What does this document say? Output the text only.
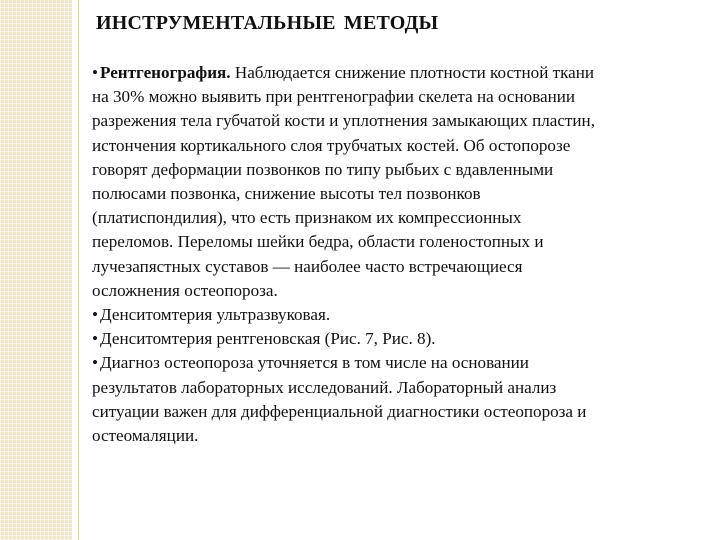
ИНСТРУМЕНТАЛЬНЫЕ МЕТОДЫ
• Рентгенография. Наблюдается снижение плотности костной ткани
на 30% можно выявить при рентгенографии скелета на основании
разрежения тела губчатой кости и уплотнения замыкающих пластин,
истончения кортикального слоя трубчатых костей. Об остопорозе
говорят деформации позвонков по типу рыбьих с вдавленными
полюсами позвонка, снижение высоты тел позвонков
(платиспондилия), что есть признаком их компрессионных
переломов. Переломы шейки бедра, области голеностопных и
лучезапястных суставов — наиболее часто встречающиеся
осложнения остеопороза.
• Денситомтерия ультразвуковая.
• Денситомтерия рентгеновская (Рис. 7, Рис. 8).
• Диагноз остеопороза уточняется в том числе на основании
результатов лабораторных исследований. Лабораторный анализ
ситуации важен для дифференциальной диагностики остеопороза и
остеомаляции.
